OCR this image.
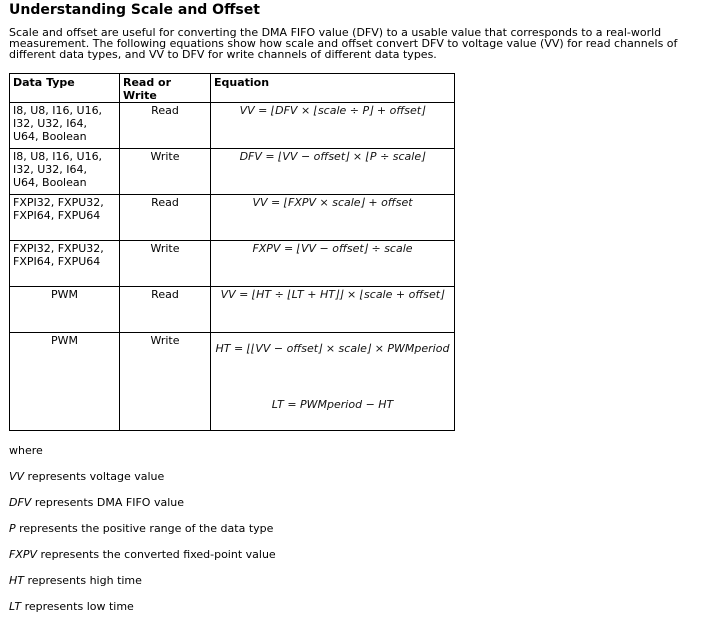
Understanding Scale and Offset

Scale and offset are useful for converting the DMA FIFO value (DFV) to a usable value that corresponds to a real-world measurement. The following equations show how scale and offset convert DFV to voltage value (VV) for read channels of different data types, and VV to DFV for write channels of different data types.

Data Type	Read or Write	Equation
I8, U8, I16, U16, I32, U32, I64, U64, Boolean	Read	VV = ⌊DFV × ⌊scale ÷ P⌋ + offset⌋
I8, U8, I16, U16, I32, U32, I64, U64, Boolean	Write	DFV = ⌊VV − offset⌋ × ⌊P ÷ scale⌋
FXPI32, FXPU32, FXPI64, FXPU64	Read	VV = ⌊FXPV × scale⌋ + offset
FXPI32, FXPU32, FXPI64, FXPU64	Write	FXPV = ⌊VV − offset⌋ ÷ scale
PWM	Read	VV = ⌊HT ÷ ⌊LT + HT⌋⌋ × ⌊scale + offset⌋
PWM	Write	HT = ⌊⌊VV − offset⌋ × scale⌋ × PWMperiod
LT = PWMperiod − HT

where

VV represents voltage value

DFV represents DMA FIFO value

P represents the positive range of the data type

FXPV represents the converted fixed-point value

HT represents high time

LT represents low time
